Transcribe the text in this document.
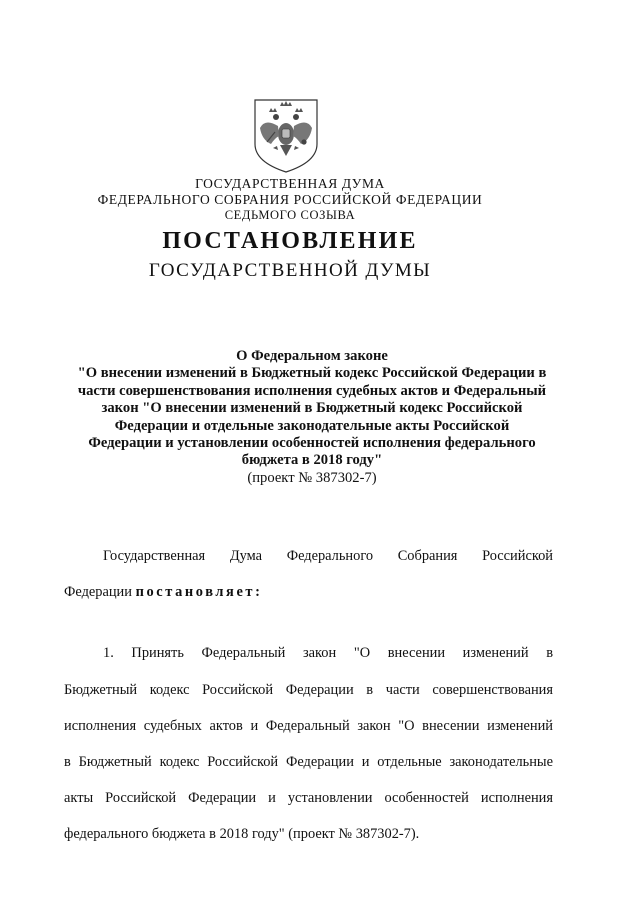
ГОСУДАРСТВЕННАЯ ДУМА
ФЕДЕРАЛЬНОГО СОБРАНИЯ РОССИЙСКОЙ ФЕДЕРАЦИИ
СЕДЬМОГО СОЗЫВА
ПОСТАНОВЛЕНИЕ
ГОСУДАРСТВЕННОЙ ДУМЫ
О Федеральном законе
"О внесении изменений в Бюджетный кодекс Российской Федерации в
части совершенствования исполнения судебных актов и Федеральный
закон "О внесении изменений в Бюджетный кодекс Российской
Федерации и отдельные законодательные акты Российской
Федерации и установлении особенностей исполнения федерального
бюджета в 2018 году"
(проект № 387302-7)
Государственная Дума Федерального Собрания Российской
Федерации постановляет:
1. Принять Федеральный закон "О внесении изменений в
Бюджетный кодекс Российской Федерации в части совершенствования
исполнения судебных актов и Федеральный закон "О внесении изменений
в Бюджетный кодекс Российской Федерации и отдельные законодательные
акты Российской Федерации и установлении особенностей исполнения
федерального бюджета в 2018 году" (проект № 387302-7).
